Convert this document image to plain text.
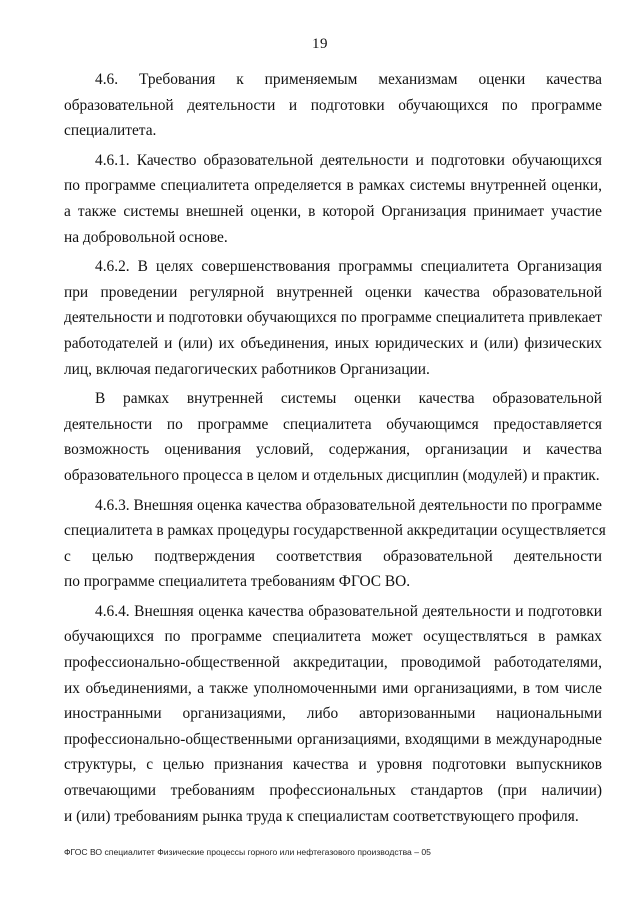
19
4.6. Требования к применяемым механизмам оценки качества
образовательной деятельности и подготовки обучающихся по программе
специалитета.
4.6.1. Качество образовательной деятельности и подготовки обучающихся
по программе специалитета определяется в рамках системы внутренней оценки,
а также системы внешней оценки, в которой Организация принимает участие
на добровольной основе.
4.6.2. В целях совершенствования программы специалитета Организация
при проведении регулярной внутренней оценки качества образовательной
деятельности и подготовки обучающихся по программе специалитета привлекает
работодателей и (или) их объединения, иных юридических и (или) физических
лиц, включая педагогических работников Организации.
В рамках внутренней системы оценки качества образовательной
деятельности по программе специалитета обучающимся предоставляется
возможность оценивания условий, содержания, организации и качества
образовательного процесса в целом и отдельных дисциплин (модулей) и практик.
4.6.3. Внешняя оценка качества образовательной деятельности по программе
специалитета в рамках процедуры государственной аккредитации осуществляется
с целью подтверждения соответствия образовательной деятельности
по программе специалитета требованиям ФГОС ВО.
4.6.4. Внешняя оценка качества образовательной деятельности и подготовки
обучающихся по программе специалитета может осуществляться в рамках
профессионально-общественной аккредитации, проводимой работодателями,
их объединениями, а также уполномоченными ими организациями, в том числе
иностранными организациями, либо авторизованными национальными
профессионально-общественными организациями, входящими в международные
структуры, с целью признания качества и уровня подготовки выпускников
отвечающими требованиям профессиональных стандартов (при наличии)
и (или) требованиям рынка труда к специалистам соответствующего профиля.
ФГОС ВО специалитет Физические процессы горного или нефтегазового производства – 05
